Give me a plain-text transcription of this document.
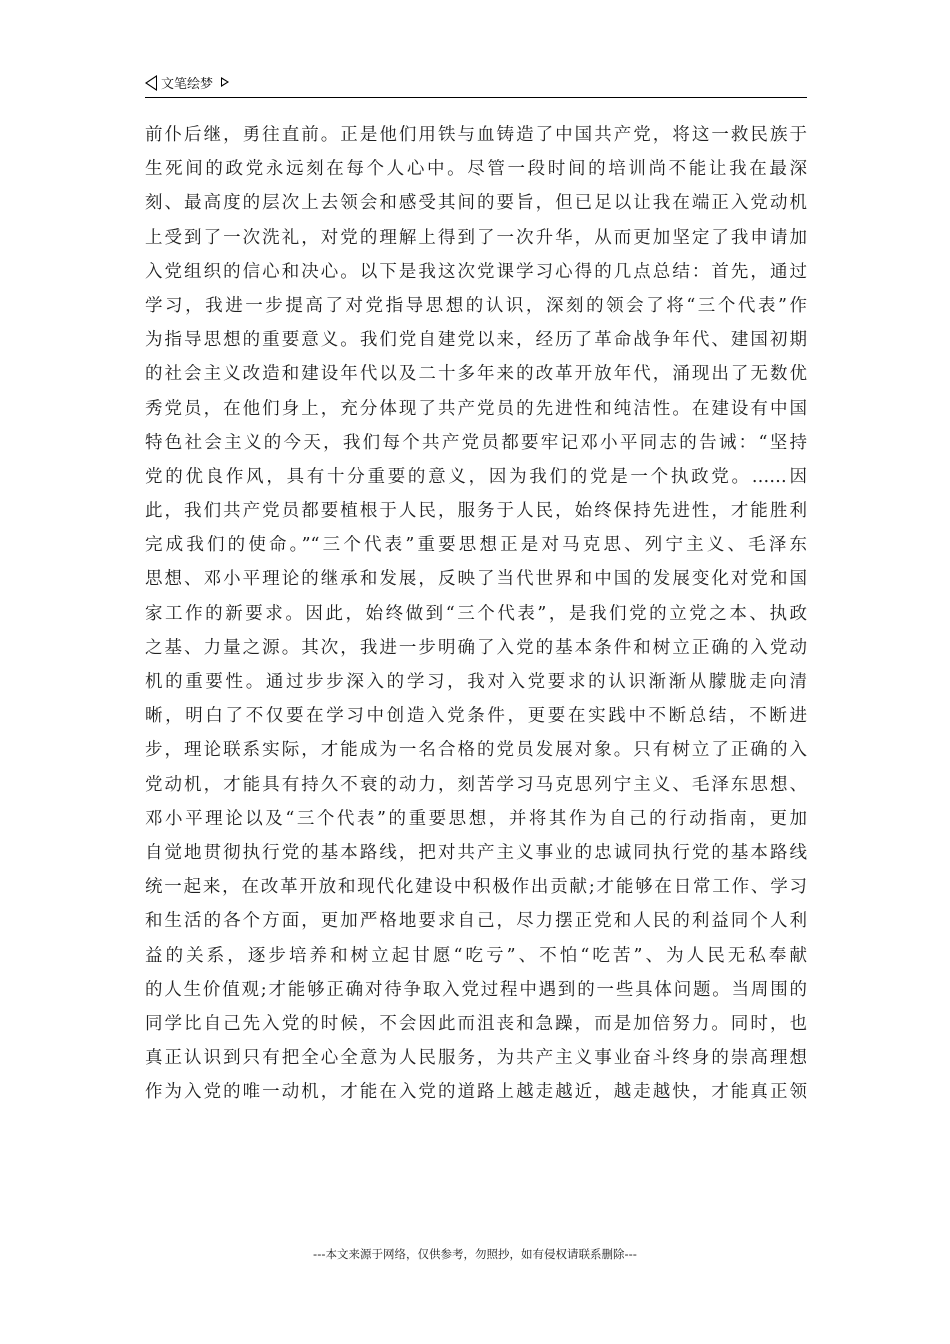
文笔绘梦
前仆后继，勇往直前。正是他们用铁与血铸造了中国共产党，将这一救民族于
生死间的政党永远刻在每个人心中。尽管一段时间的培训尚不能让我在最深
刻、最高度的层次上去领会和感受其间的要旨，但已足以让我在端正入党动机
上受到了一次洗礼，对党的理解上得到了一次升华，从而更加坚定了我申请加
入党组织的信心和决心。以下是我这次党课学习心得的几点总结：首先，通过
学习，我进一步提高了对党指导思想的认识，深刻的领会了将“三个代表”作
为指导思想的重要意义。我们党自建党以来，经历了革命战争年代、建国初期
的社会主义改造和建设年代以及二十多年来的改革开放年代，涌现出了无数优
秀党员，在他们身上，充分体现了共产党员的先进性和纯洁性。在建设有中国
特色社会主义的今天，我们每个共产党员都要牢记邓小平同志的告诫：“坚持
党的优良作风，具有十分重要的意义，因为我们的党是一个执政党。……因
此，我们共产党员都要植根于人民，服务于人民，始终保持先进性，才能胜利
完成我们的使命。”“三个代表”重要思想正是对马克思、列宁主义、毛泽东
思想、邓小平理论的继承和发展，反映了当代世界和中国的发展变化对党和国
家工作的新要求。因此，始终做到“三个代表”，是我们党的立党之本、执政
之基、力量之源。其次，我进一步明确了入党的基本条件和树立正确的入党动
机的重要性。通过步步深入的学习，我对入党要求的认识渐渐从朦胧走向清
晰，明白了不仅要在学习中创造入党条件，更要在实践中不断总结，不断进
步，理论联系实际，才能成为一名合格的党员发展对象。只有树立了正确的入
党动机，才能具有持久不衰的动力，刻苦学习马克思列宁主义、毛泽东思想、
邓小平理论以及“三个代表”的重要思想，并将其作为自己的行动指南，更加
自觉地贯彻执行党的基本路线，把对共产主义事业的忠诚同执行党的基本路线
统一起来，在改革开放和现代化建设中积极作出贡献;才能够在日常工作、学习
和生活的各个方面，更加严格地要求自己，尽力摆正党和人民的利益同个人利
益的关系，逐步培养和树立起甘愿“吃亏”、不怕“吃苦”、为人民无私奉献
的人生价值观;才能够正确对待争取入党过程中遇到的一些具体问题。当周围的
同学比自己先入党的时候，不会因此而沮丧和急躁，而是加倍努力。同时，也
真正认识到只有把全心全意为人民服务，为共产主义事业奋斗终身的崇高理想
作为入党的唯一动机，才能在入党的道路上越走越近，越走越快，才能真正领
---本文来源于网络，仅供参考，勿照抄，如有侵权请联系删除---
